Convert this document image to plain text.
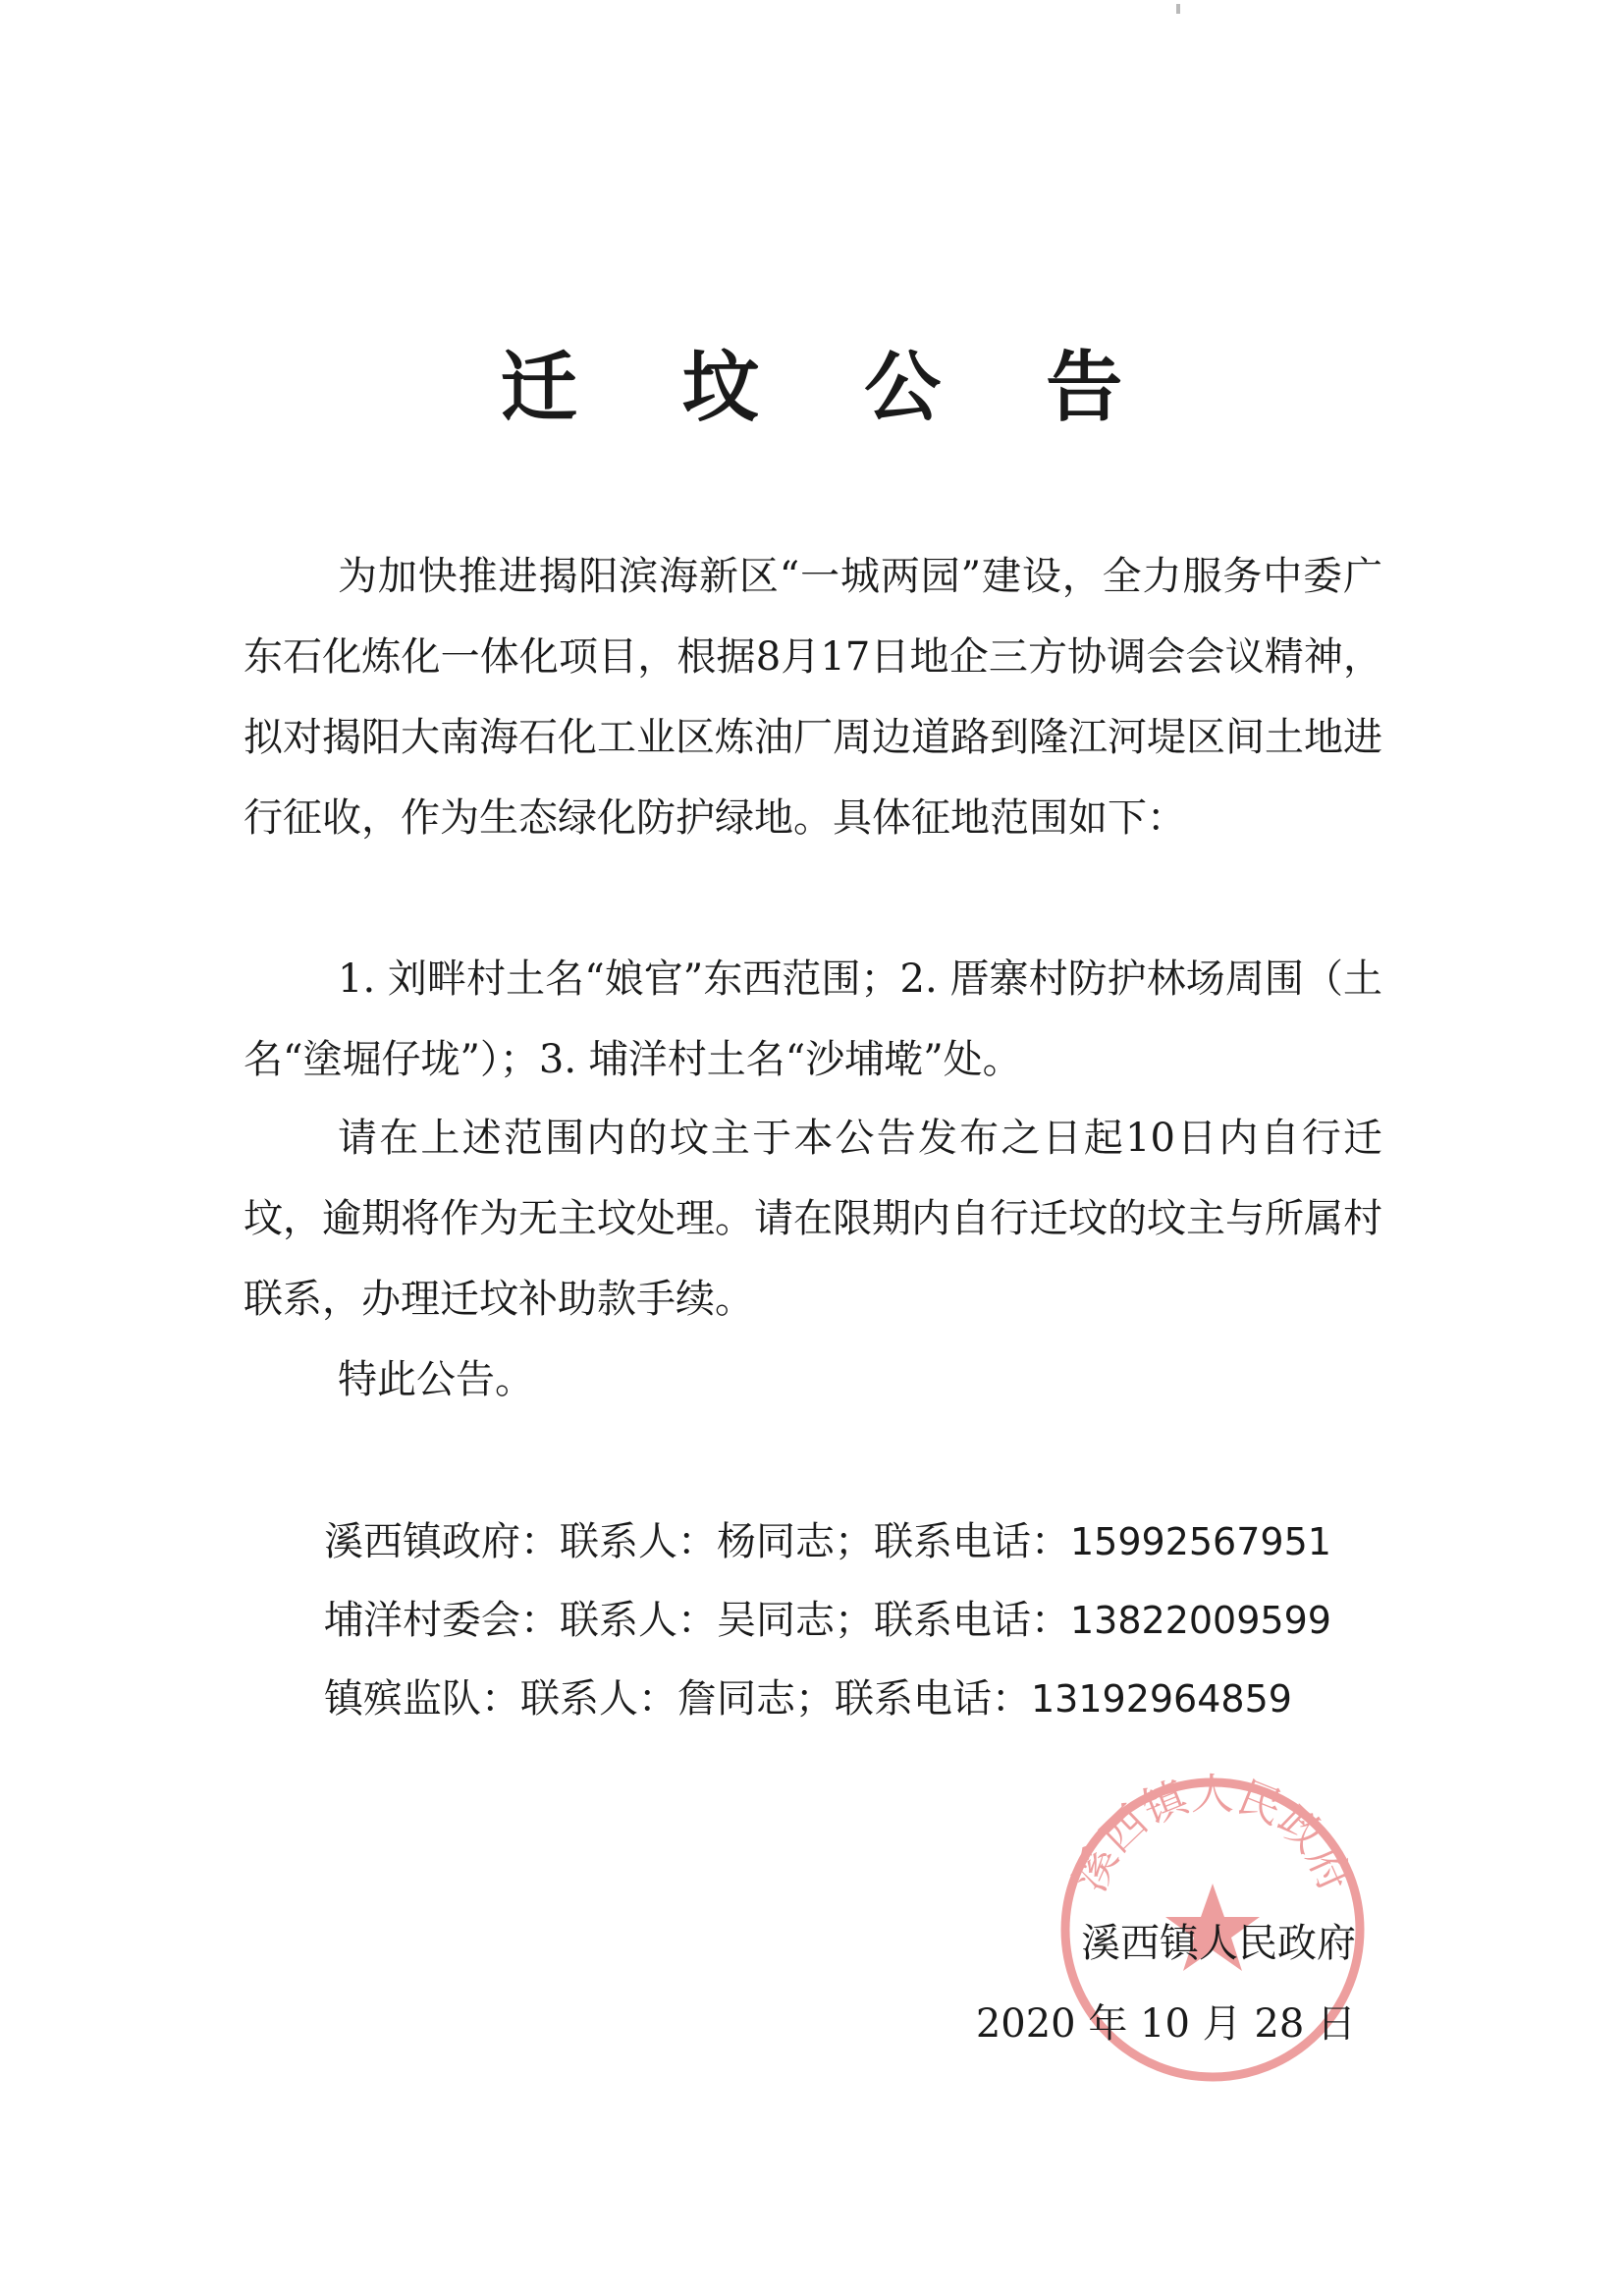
迁 坟 公 告

为加快推进揭阳滨海新区“一城两园”建设，全力服务中委广东石化炼化一体化项目，根据8月17日地企三方协调会会议精神，拟对揭阳大南海石化工业区炼油厂周边道路到隆江河堤区间土地进行征收，作为生态绿化防护绿地。具体征地范围如下：

1. 刘畔村土名“娘官”东西范围；2. 厝寨村防护林场周围（土名“塗堀仔垅”）；3. 埔洋村土名“沙埔墘”处。

请在上述范围内的坟主于本公告发布之日起10日内自行迁坟，逾期将作为无主坟处理。请在限期内自行迁坟的坟主与所属村联系，办理迁坟补助款手续。

特此公告。

溪西镇政府：联系人：杨同志；联系电话：15992567951
埔洋村委会：联系人：吴同志；联系电话：13822009599
镇殡监队：联系人：詹同志；联系电话：13192964859
溪西镇人民政府
溪西镇人民政府
2020 年 10 月 28 日
